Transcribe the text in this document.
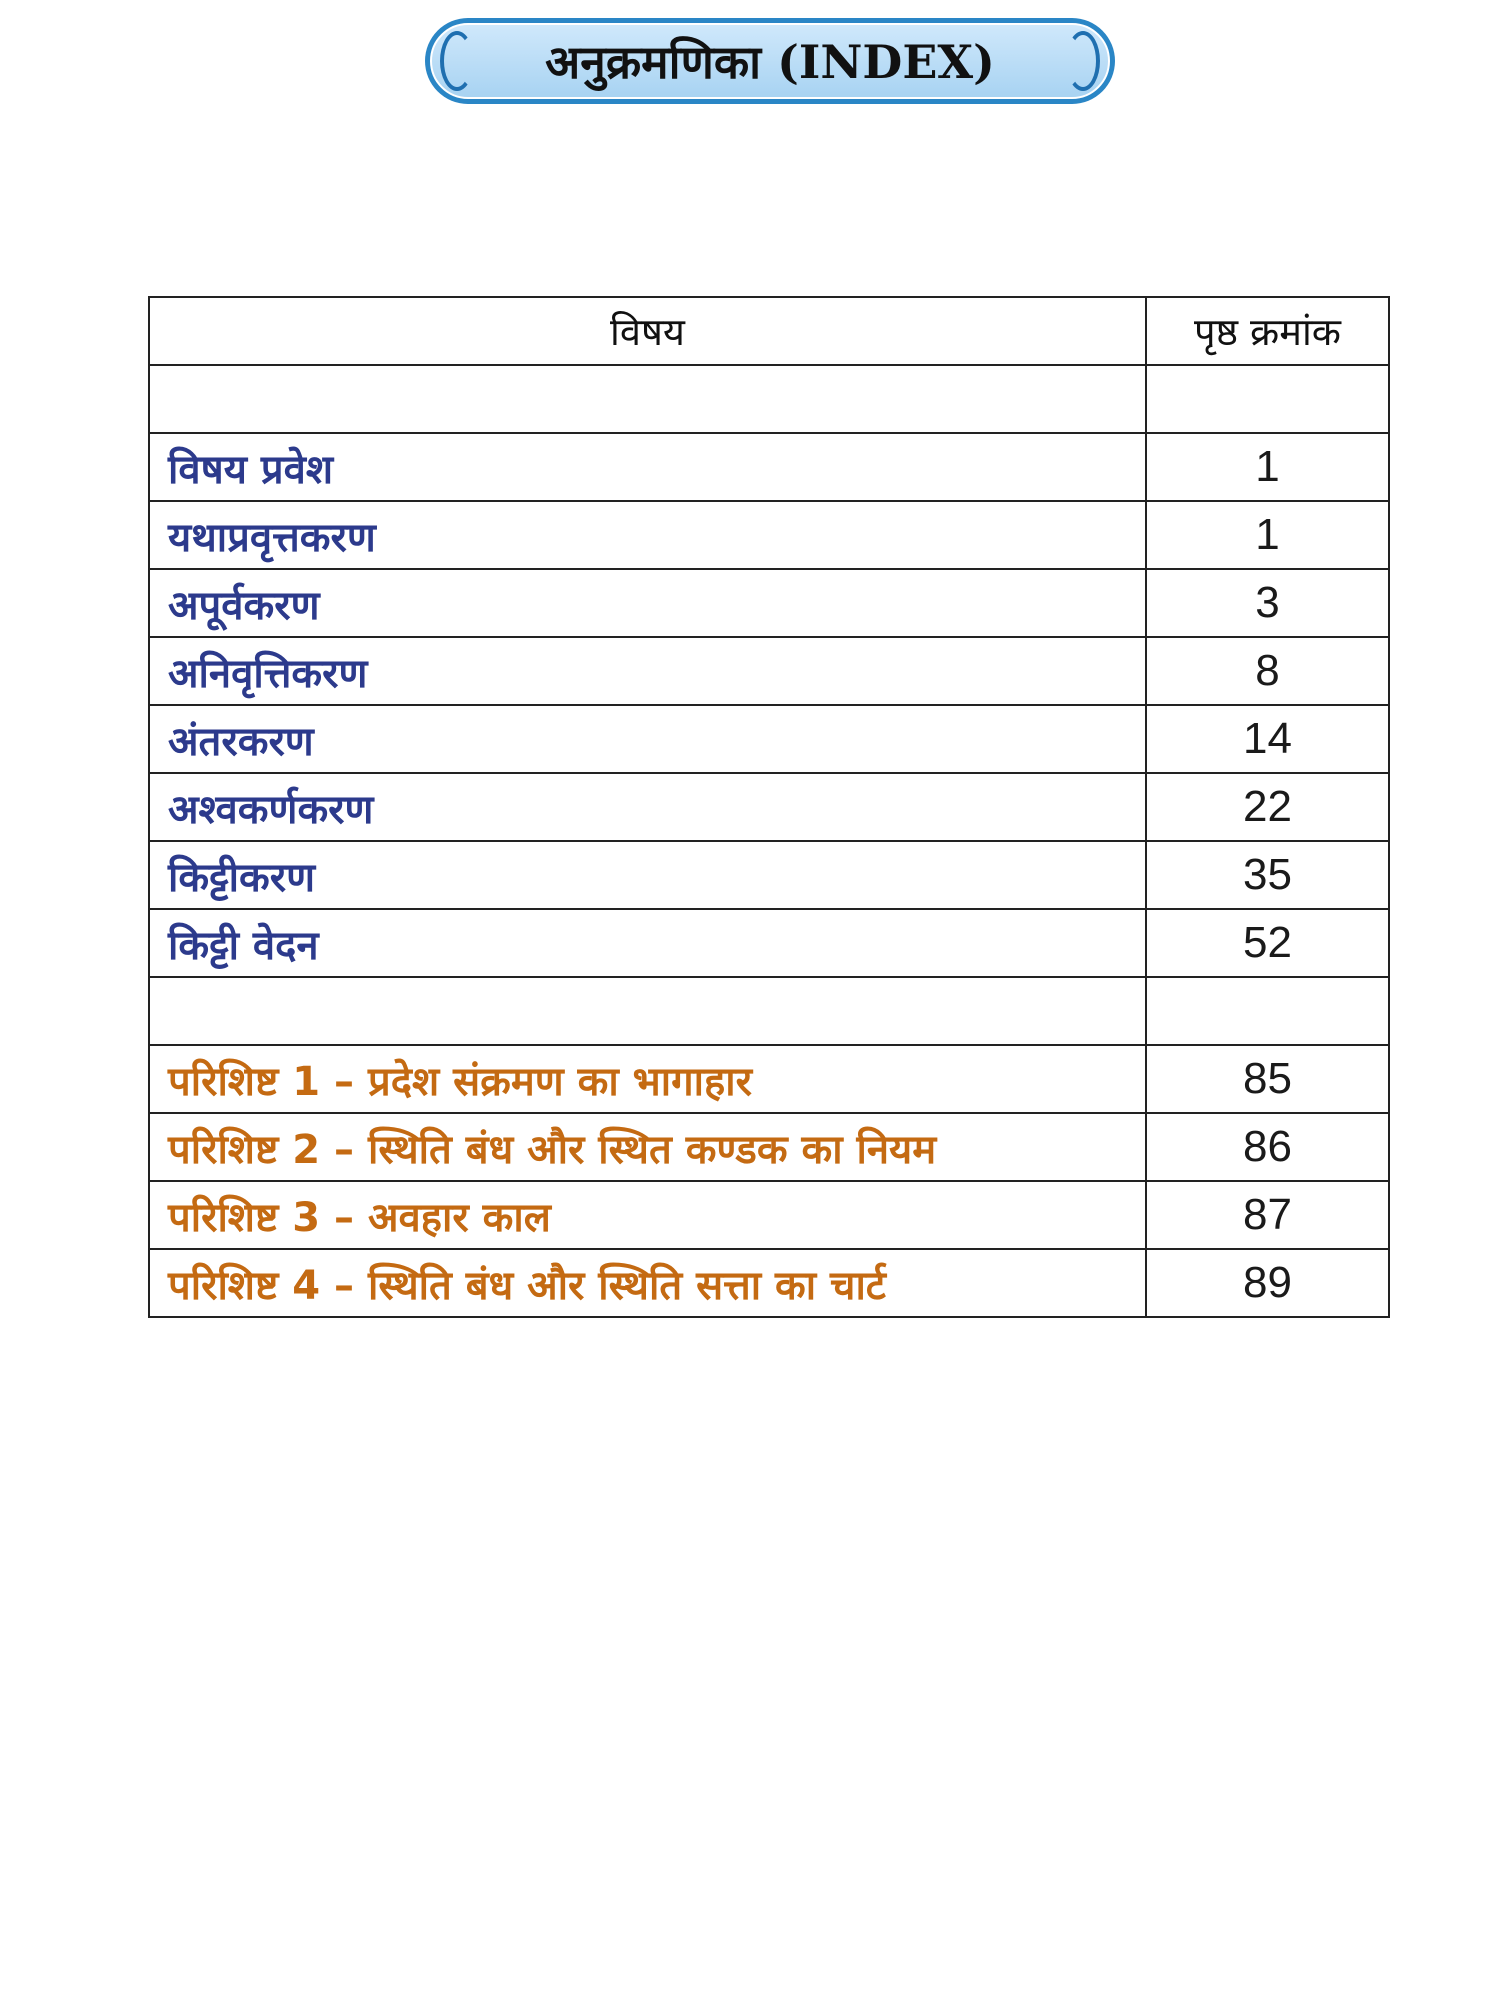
अनुक्रमणिका (INDEX)
विषय	पृष्ठ क्रमांक

विषय प्रवेश	1
यथाप्रवृत्तकरण	1
अपूर्वकरण	3
अनिवृत्तिकरण	8
अंतरकरण	14
अश्वकर्णकरण	22
किट्टीकरण	35
किट्टी वेदन	52

परिशिष्ट 1 – प्रदेश संक्रमण का भागाहार	85
परिशिष्ट 2 – स्थिति बंध और स्थित कण्डक का नियम	86
परिशिष्ट 3 – अवहार काल	87
परिशिष्ट 4 – स्थिति बंध और स्थिति सत्ता का चार्ट	89
